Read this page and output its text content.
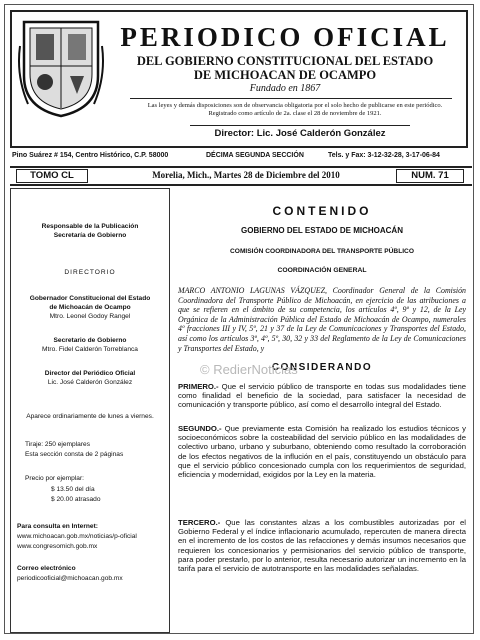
PERIODICO OFICIAL
DEL GOBIERNO CONSTITUCIONAL DEL ESTADO
DE MICHOACAN DE OCAMPO
Fundado en 1867
Las leyes y demás disposiciones son de observancia obligatoria por el solo hecho de publicarse en este periódico. Registrado como artículo de 2a. clase el 28 de noviembre de 1921.
Director: Lic. José Calderón González
Pino Suárez # 154, Centro Histórico, C.P. 58000	DÉCIMA SEGUNDA SECCIÓN	Tels. y Fax: 3-12-32-28, 3-17-06-84
TOMO CL	Morelia, Mich., Martes 28 de Diciembre del 2010	NUM. 71
Responsable de la Publicación
Secretaría de Gobierno
DIRECTORIO
Gobernador Constitucional del Estado
de Michoacán de Ocampo
Mtro. Leonel Godoy Rangel
Secretario de Gobierno
Mtro. Fidel Calderón Torreblanca
Director del Periódico Oficial
Lic. José Calderón González
Aparece ordinariamente de lunes a viernes.
Tiraje: 250 ejemplares
Esta sección consta de 2 páginas
Precio por ejemplar:
$ 13.50 del día
$ 20.00 atrasado
Para consulta en Internet:
www.michoacan.gob.mx/noticias/p-oficial
www.congresomich.gob.mx
Correo electrónico
periodicooficial@michoacan.gob.mx
CONTENIDO
GOBIERNO DEL ESTADO DE MICHOACÁN
COMISIÓN COORDINADORA DEL TRANSPORTE PÚBLICO
COORDINACIÓN GENERAL
MARCO ANTONIO LAGUNAS VÁZQUEZ, Coordinador General de la Comisión Coordinadora del Transporte Público de Michoacán, en ejercicio de las atribuciones a que se refieren en el ámbito de su competencia, los artículos 4º, 9º y 12, de la Ley Orgánica de la Administración Pública del Estado de Michoacán de Ocampo, numerales 4º fracciones III y IV, 5º, 21 y 37 de la Ley de Comunicaciones y Transportes del Estado, así como los artículos 3º, 4º, 5º, 30, 32 y 33 del Reglamento de la Ley de Comunicaciones y Transportes del Estado, y
CONSIDERANDO
PRIMERO.- Que el servicio público de transporte en todas sus modalidades tiene como finalidad el beneficio de la sociedad, para satisfacer la necesidad de comunicación y transporte público, así como el desarrollo integral del Estado.
SEGUNDO.- Que previamente esta Comisión ha realizado los estudios técnicos y socioeconómicos sobre la costeabilidad del servicio público en las modalidades de colectivo urbano, urbano y suburbano, obteniendo como resultado la corroboración de los efectos negativos de la influción en el país, constituyendo un obstáculo para que el servicio público concesionado cumpla con los requerimientos de seguridad, eficiencia y modernidad, exigidos por la Ley en la materia.
TERCERO.- Que las constantes alzas a los combustibles autorizadas por el Gobierno Federal y el índice inflacionario acumulado, repercuten de manera directa en el incremento de los costos de las refacciones y demás insumos necesarios que requieren los concesionarios y permisionarios del servicio público de transporte, para poder prestarlo, por lo anterior, resulta necesario autorizar un incremento en la tarifa para el servicio de autotransporte en las modalidades señaladas.
© RedierNoticias
